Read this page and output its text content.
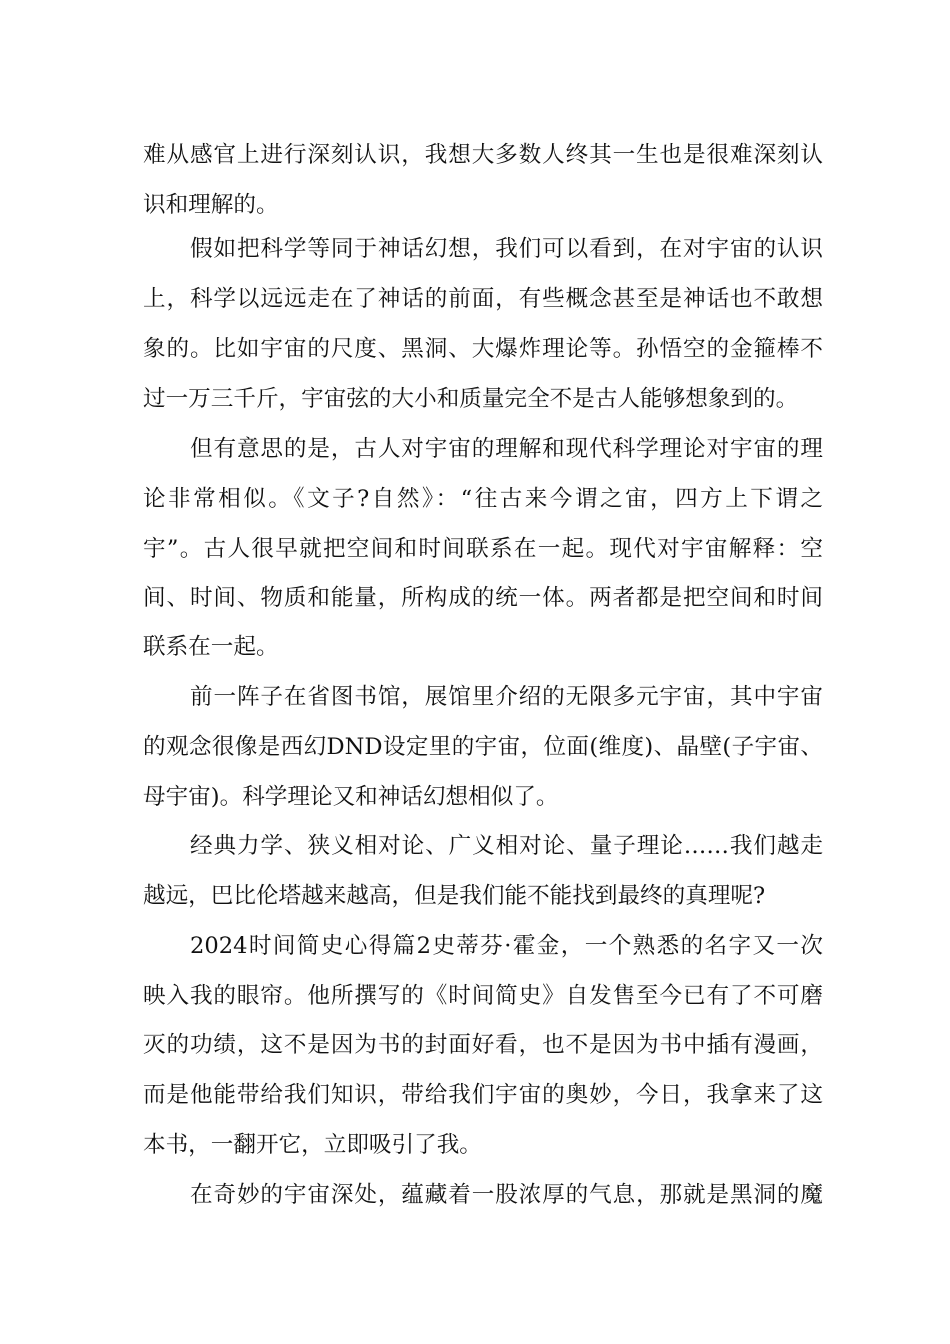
难从感官上进行深刻认识，我想大多数人终其一生也是很难深刻认
识和理解的。
假如把科学等同于神话幻想，我们可以看到，在对宇宙的认识
上，科学以远远走在了神话的前面，有些概念甚至是神话也不敢想
象的。比如宇宙的尺度、黑洞、大爆炸理论等。孙悟空的金箍棒不
过一万三千斤，宇宙弦的大小和质量完全不是古人能够想象到的。
但有意思的是，古人对宇宙的理解和现代科学理论对宇宙的理
论非常相似。《文子?自然》：“往古来今谓之宙，四方上下谓之
宇”。古人很早就把空间和时间联系在一起。现代对宇宙解释：空
间、时间、物质和能量，所构成的统一体。两者都是把空间和时间
联系在一起。
前一阵子在省图书馆，展馆里介绍的无限多元宇宙，其中宇宙
的观念很像是西幻DND设定里的宇宙，位面(维度)、晶壁(子宇宙、
母宇宙)。科学理论又和神话幻想相似了。
经典力学、狭义相对论、广义相对论、量子理论……我们越走
越远，巴比伦塔越来越高，但是我们能不能找到最终的真理呢?
2024时间简史心得篇2史蒂芬·霍金，一个熟悉的名字又一次
映入我的眼帘。他所撰写的《时间简史》自发售至今已有了不可磨
灭的功绩，这不是因为书的封面好看，也不是因为书中插有漫画，
而是他能带给我们知识，带给我们宇宙的奥妙，今日，我拿来了这
本书，一翻开它，立即吸引了我。
在奇妙的宇宙深处，蕴藏着一股浓厚的气息，那就是黑洞的魔
